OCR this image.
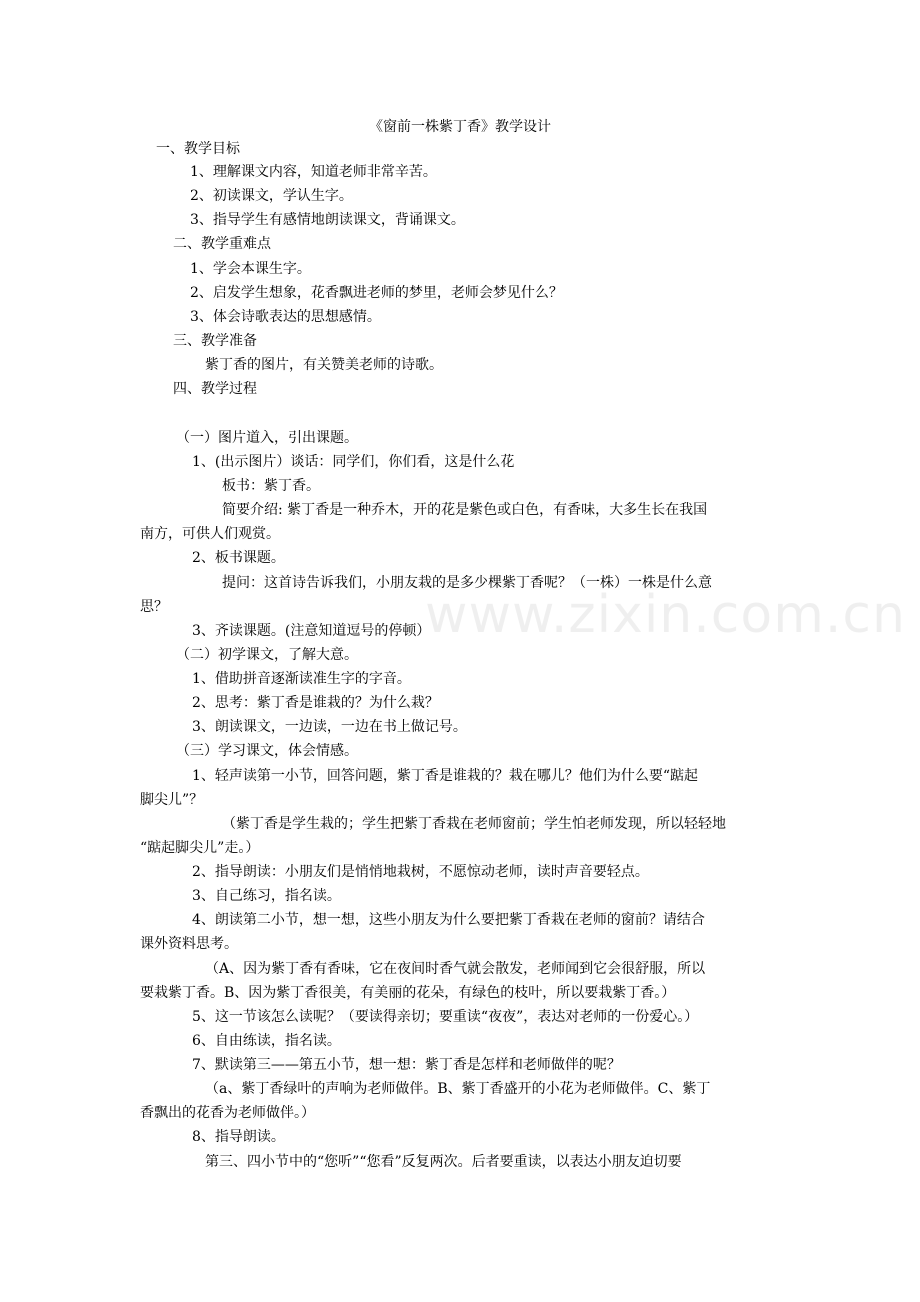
《窗前一株紫丁香》教学设计
一、教学目标
1、理解课文内容，知道老师非常辛苦。
2、初读课文，学认生字。
3、指导学生有感情地朗读课文，背诵课文。
二、教学重难点
1、学会本课生字。
2、启发学生想象，花香飘进老师的梦里，老师会梦见什么？
3、体会诗歌表达的思想感情。
三、教学准备
紫丁香的图片，有关赞美老师的诗歌。
四、教学过程
（一）图片道入，引出课题。
1、(出示图片）谈话：同学们，你们看，这是什么花
板书：紫丁香。
简要介绍: 紫丁香是一种乔木，开的花是紫色或白色，有香味，大多生长在我国
南方，可供人们观赏。
2、板书课题。
提问：这首诗告诉我们，小朋友栽的是多少棵紫丁香呢？（一株）一株是什么意
思？
3、齐读课题。(注意知道逗号的停顿）
（二）初学课文，了解大意。
1、借助拼音逐渐读准生字的字音。
2、思考：紫丁香是谁栽的？为什么栽？
3、朗读课文，一边读，一边在书上做记号。
（三）学习课文，体会情感。
1、轻声读第一小节，回答问题，紫丁香是谁栽的？栽在哪儿？他们为什么要“踮起
脚尖儿”？
（紫丁香是学生栽的；学生把紫丁香栽在老师窗前；学生怕老师发现，所以轻轻地
“踮起脚尖儿”走。）
2、指导朗读：小朋友们是悄悄地栽树，不愿惊动老师，读时声音要轻点。
3、自己练习，指名读。
4、朗读第二小节，想一想，这些小朋友为什么要把紫丁香栽在老师的窗前？请结合
课外资料思考。
（A、因为紫丁香有香味，它在夜间时香气就会散发，老师闻到它会很舒服，所以
要栽紫丁香。B、因为紫丁香很美，有美丽的花朵，有绿色的枝叶，所以要栽紫丁香。）
5、这一节该怎么读呢？（要读得亲切；要重读“夜夜”，表达对老师的一份爱心。）
6、自由练读，指名读。
7、默读第三——第五小节，想一想：紫丁香是怎样和老师做伴的呢？
（a、紫丁香绿叶的声响为老师做伴。B、紫丁香盛开的小花为老师做伴。C、紫丁
香飘出的花香为老师做伴。）
8、指导朗读。
第三、四小节中的“您听”“您看”反复两次。后者要重读，以表达小朋友迫切要
www.zixin.com.cn
